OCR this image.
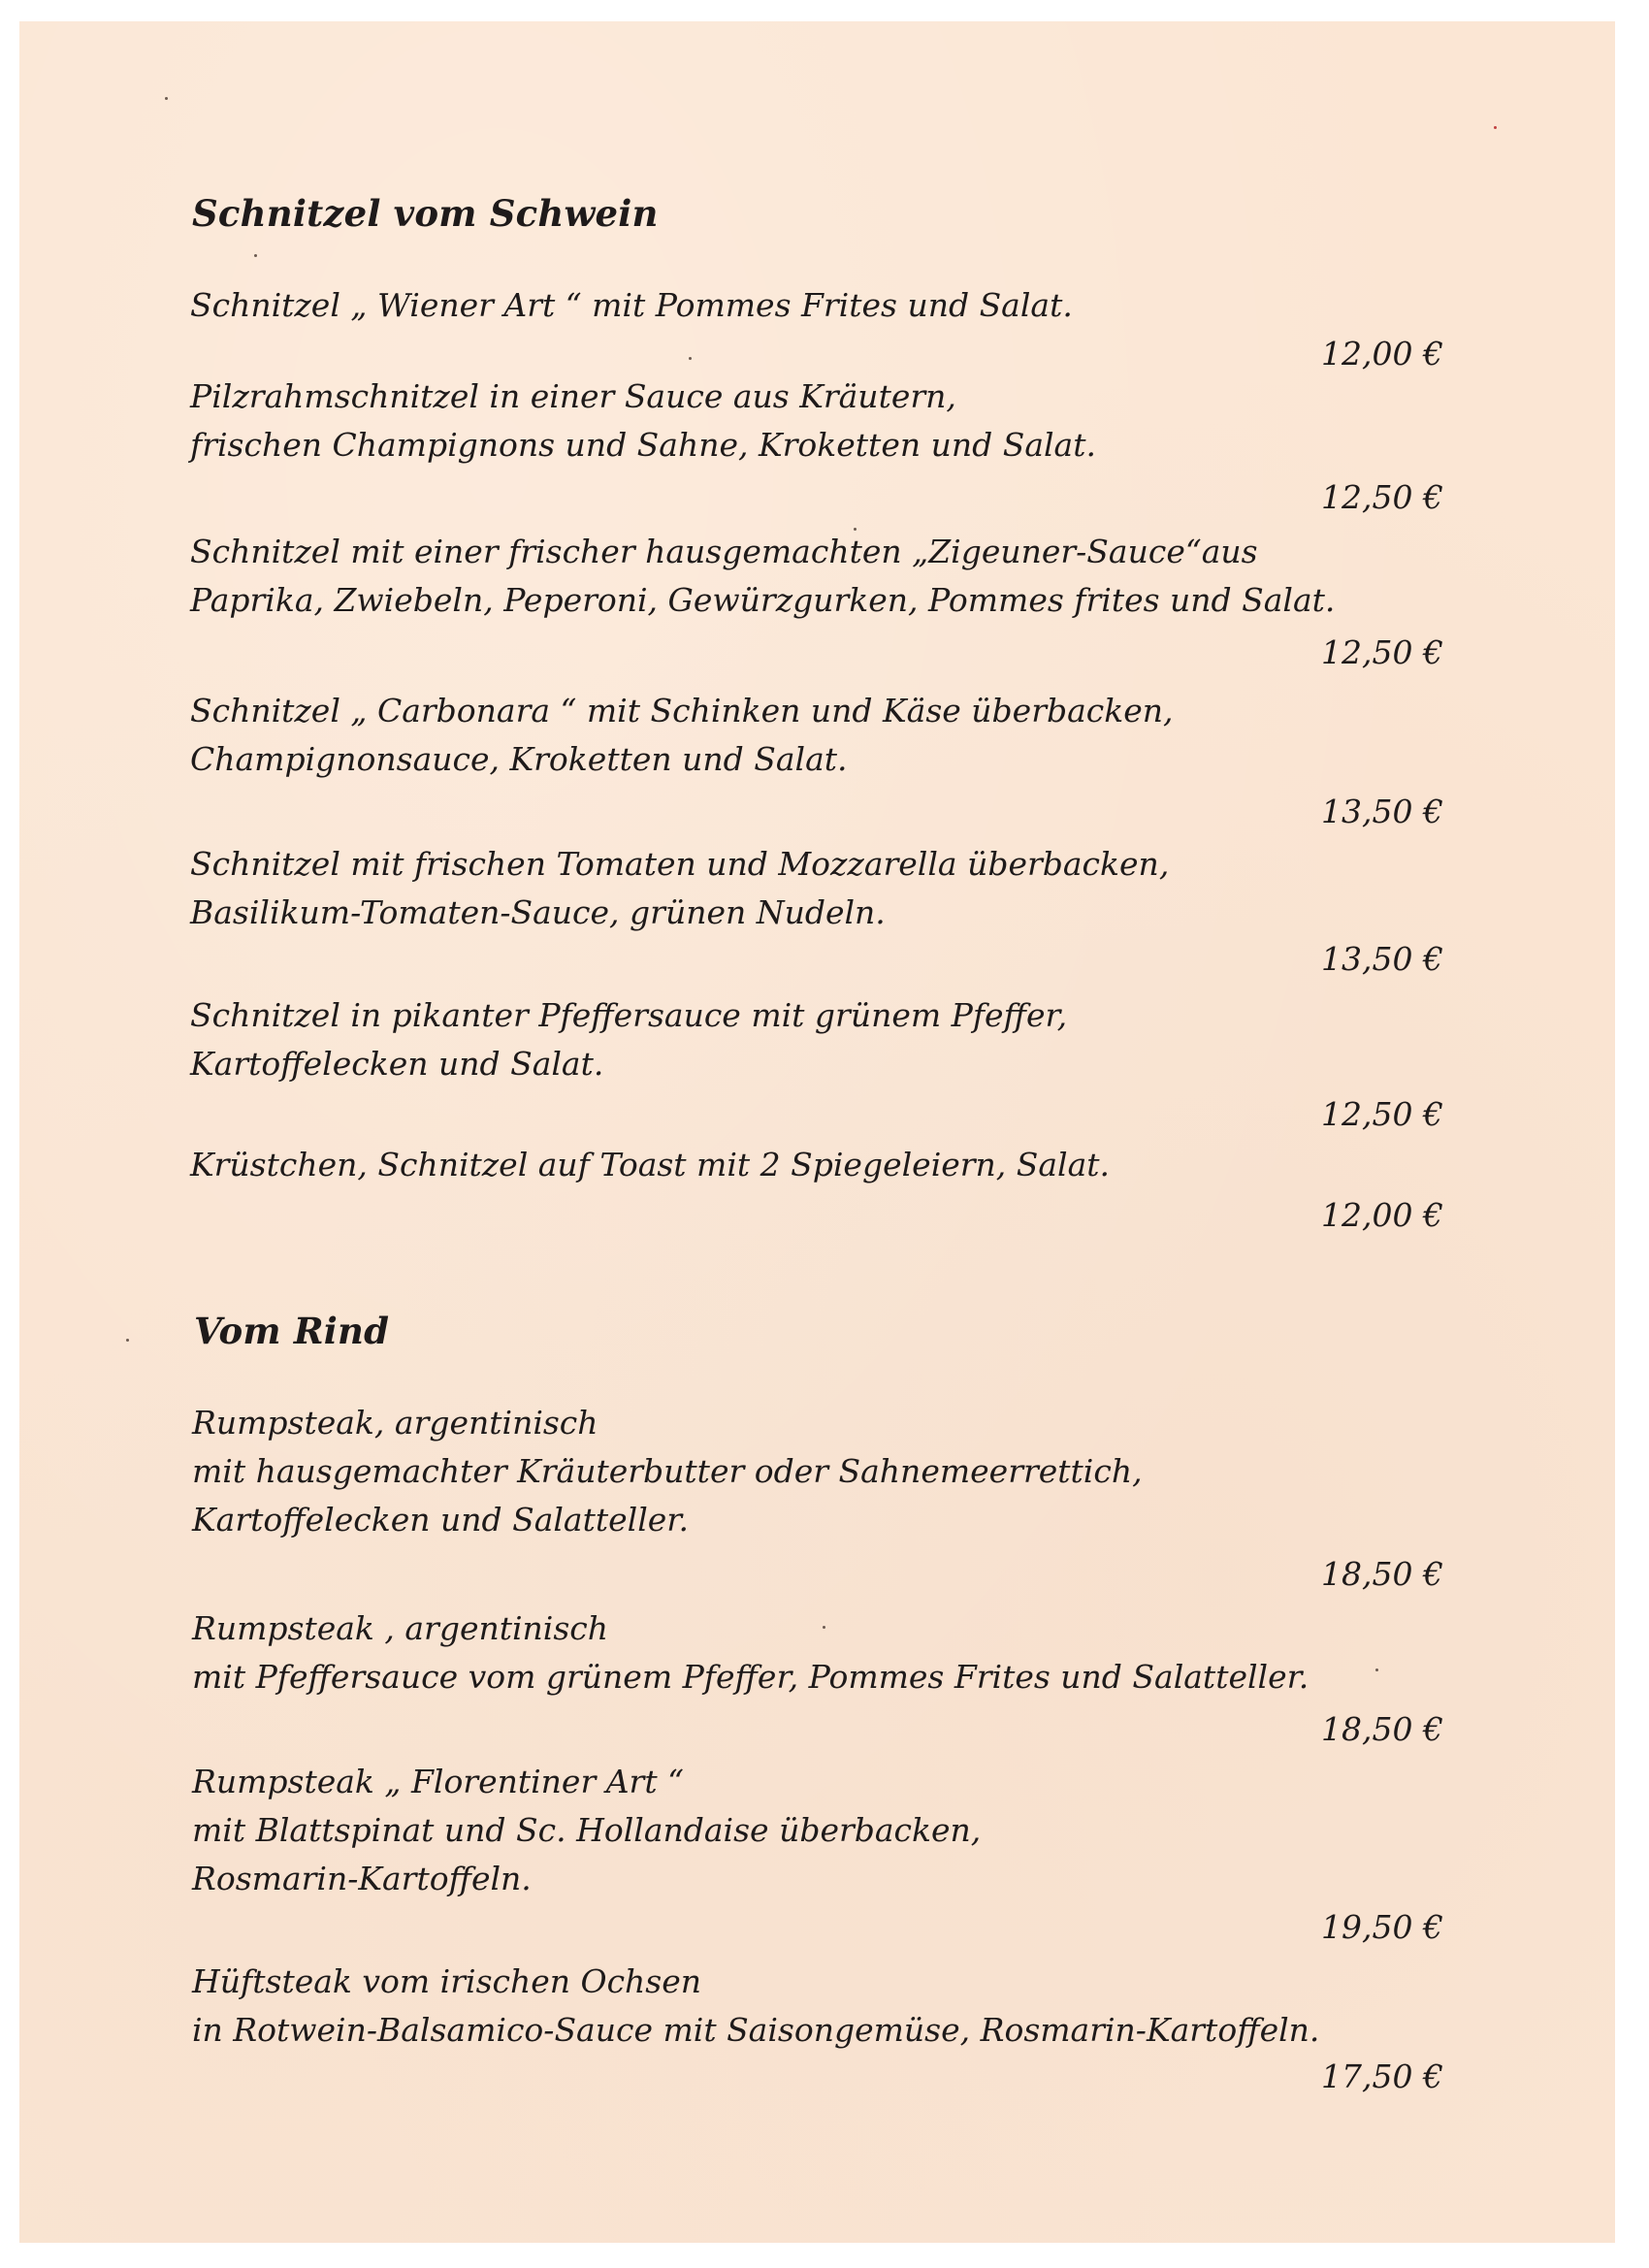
Schnitzel vom Schwein
Schnitzel „ Wiener Art “ mit Pommes Frites und Salat.
12,00 €
Pilzrahmschnitzel in einer Sauce aus Kräutern,
frischen Champignons und Sahne, Kroketten und Salat.
12,50 €
Schnitzel mit einer frischer hausgemachten „Zigeuner-Sauce“aus
Paprika, Zwiebeln, Peperoni, Gewürzgurken, Pommes frites und Salat.
12,50 €
Schnitzel „ Carbonara “ mit Schinken und Käse überbacken,
Champignonsauce, Kroketten und Salat.
13,50 €
Schnitzel mit frischen Tomaten und Mozzarella überbacken,
Basilikum-Tomaten-Sauce, grünen Nudeln.
13,50 €
Schnitzel in pikanter Pfeffersauce mit grünem Pfeffer,
Kartoffelecken und Salat.
12,50 €
Krüstchen, Schnitzel auf Toast mit 2 Spiegeleiern, Salat.
12,00 €
Vom Rind
Rumpsteak, argentinisch
mit hausgemachter Kräuterbutter oder Sahnemeerrettich,
Kartoffelecken und Salatteller.
18,50 €
Rumpsteak , argentinisch
mit Pfeffersauce vom grünem Pfeffer, Pommes Frites und Salatteller.
18,50 €
Rumpsteak „ Florentiner Art “
mit Blattspinat und Sc. Hollandaise überbacken,
Rosmarin-Kartoffeln.
19,50 €
Hüftsteak vom irischen Ochsen
in Rotwein-Balsamico-Sauce mit Saisongemüse, Rosmarin-Kartoffeln.
17,50 €
